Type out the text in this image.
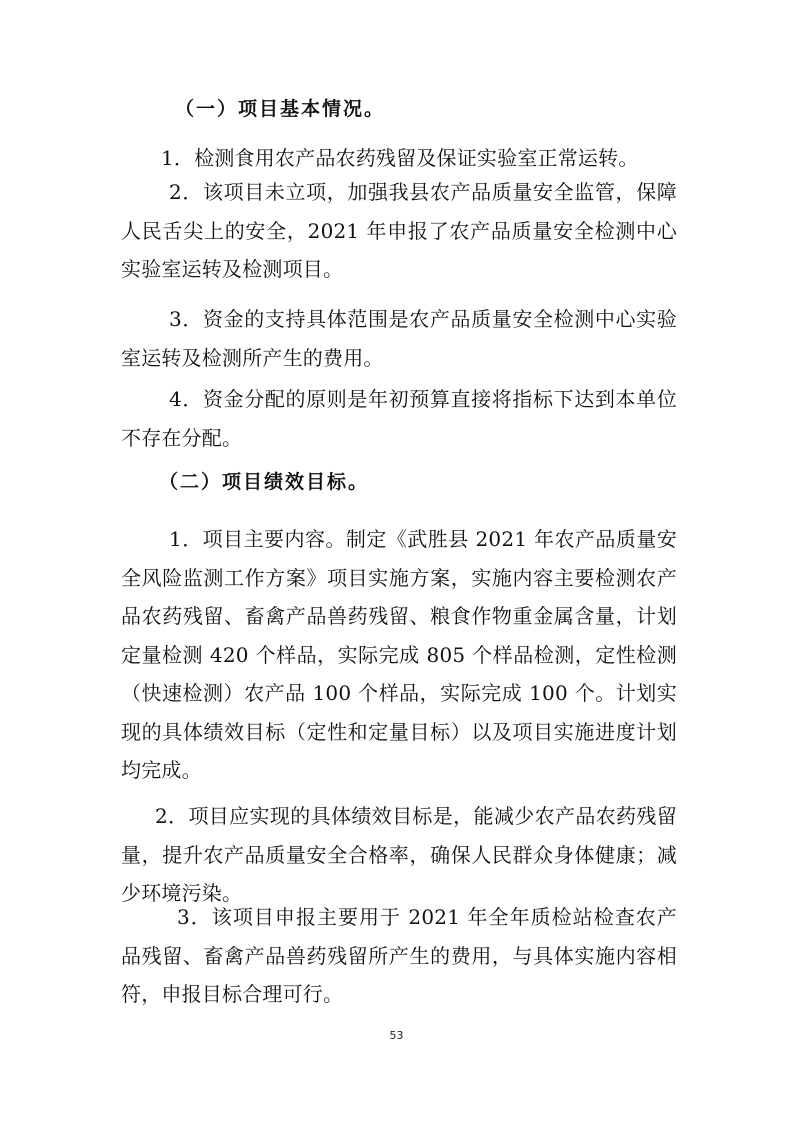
（一）项目基本情况。

1．检测食用农产品农药残留及保证实验室正常运转。

2．该项目未立项，加强我县农产品质量安全监管，保障人民舌尖上的安全，2021 年申报了农产品质量安全检测中心实验室运转及检测项目。

3．资金的支持具体范围是农产品质量安全检测中心实验室运转及检测所产生的费用。

4．资金分配的原则是年初预算直接将指标下达到本单位不存在分配。

（二）项目绩效目标。

1．项目主要内容。制定《武胜县 2021 年农产品质量安全风险监测工作方案》项目实施方案，实施内容主要检测农产品农药残留、畜禽产品兽药残留、粮食作物重金属含量，计划定量检测 420 个样品，实际完成 805 个样品检测，定性检测（快速检测）农产品 100 个样品，实际完成 100 个。计划实现的具体绩效目标（定性和定量目标）以及项目实施进度计划均完成。

2．项目应实现的具体绩效目标是，能减少农产品农药残留量，提升农产品质量安全合格率，确保人民群众身体健康；减少环境污染。

3．该项目申报主要用于 2021 年全年质检站检查农产品残留、畜禽产品兽药残留所产生的费用，与具体实施内容相符，申报目标合理可行。

53
